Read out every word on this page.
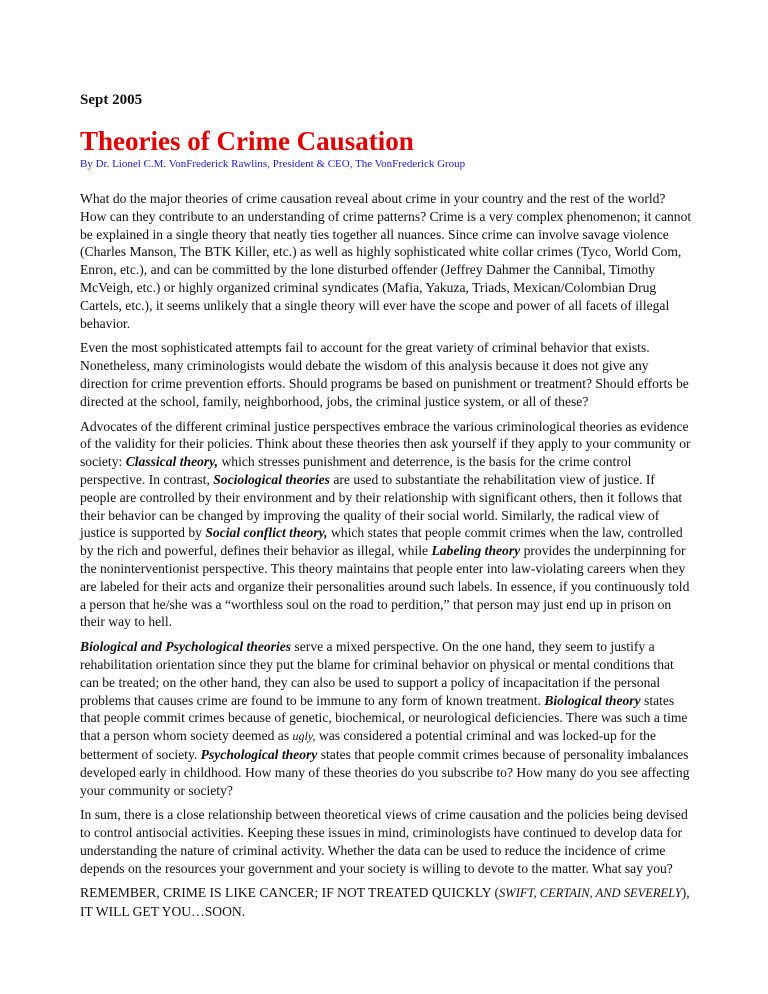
Sept 2005
Theories of Crime Causation
By Dr. Lionel C.M. VonFrederick Rawlins, President & CEO, The VonFrederick Group

What do the major theories of crime causation reveal about crime in your country and the rest of the world? How can they contribute to an understanding of crime patterns? Crime is a very complex phenomenon; it cannot be explained in a single theory that neatly ties together all nuances. Since crime can involve savage violence (Charles Manson, The BTK Killer, etc.) as well as highly sophisticated white collar crimes (Tyco, World Com, Enron, etc.), and can be committed by the lone disturbed offender (Jeffrey Dahmer the Cannibal, Timothy McVeigh, etc.) or highly organized criminal syndicates (Mafia, Yakuza, Triads, Mexican/Colombian Drug Cartels, etc.), it seems unlikely that a single theory will ever have the scope and power of all facets of illegal behavior.

Even the most sophisticated attempts fail to account for the great variety of criminal behavior that exists. Nonetheless, many criminologists would debate the wisdom of this analysis because it does not give any direction for crime prevention efforts. Should programs be based on punishment or treatment? Should efforts be directed at the school, family, neighborhood, jobs, the criminal justice system, or all of these?

Advocates of the different criminal justice perspectives embrace the various criminological theories as evidence of the validity for their policies. Think about these theories then ask yourself if they apply to your community or society: Classical theory, which stresses punishment and deterrence, is the basis for the crime control perspective. In contrast, Sociological theories are used to substantiate the rehabilitation view of justice. If people are controlled by their environment and by their relationship with significant others, then it follows that their behavior can be changed by improving the quality of their social world. Similarly, the radical view of justice is supported by Social conflict theory, which states that people commit crimes when the law, controlled by the rich and powerful, defines their behavior as illegal, while Labeling theory provides the underpinning for the noninterventionist perspective. This theory maintains that people enter into law-violating careers when they are labeled for their acts and organize their personalities around such labels. In essence, if you continuously told a person that he/she was a “worthless soul on the road to perdition,” that person may just end up in prison on their way to hell.

Biological and Psychological theories serve a mixed perspective. On the one hand, they seem to justify a rehabilitation orientation since they put the blame for criminal behavior on physical or mental conditions that can be treated; on the other hand, they can also be used to support a policy of incapacitation if the personal problems that causes crime are found to be immune to any form of known treatment. Biological theory states that people commit crimes because of genetic, biochemical, or neurological deficiencies. There was such a time that a person whom society deemed as ugly, was considered a potential criminal and was locked-up for the betterment of society. Psychological theory states that people commit crimes because of personality imbalances developed early in childhood. How many of these theories do you subscribe to? How many do you see affecting your community or society?

In sum, there is a close relationship between theoretical views of crime causation and the policies being devised to control antisocial activities. Keeping these issues in mind, criminologists have continued to develop data for understanding the nature of criminal activity. Whether the data can be used to reduce the incidence of crime depends on the resources your government and your society is willing to devote to the matter. What say you?

REMEMBER, CRIME IS LIKE CANCER; IF NOT TREATED QUICKLY (SWIFT, CERTAIN, AND SEVERELY), IT WILL GET YOU…SOON.
